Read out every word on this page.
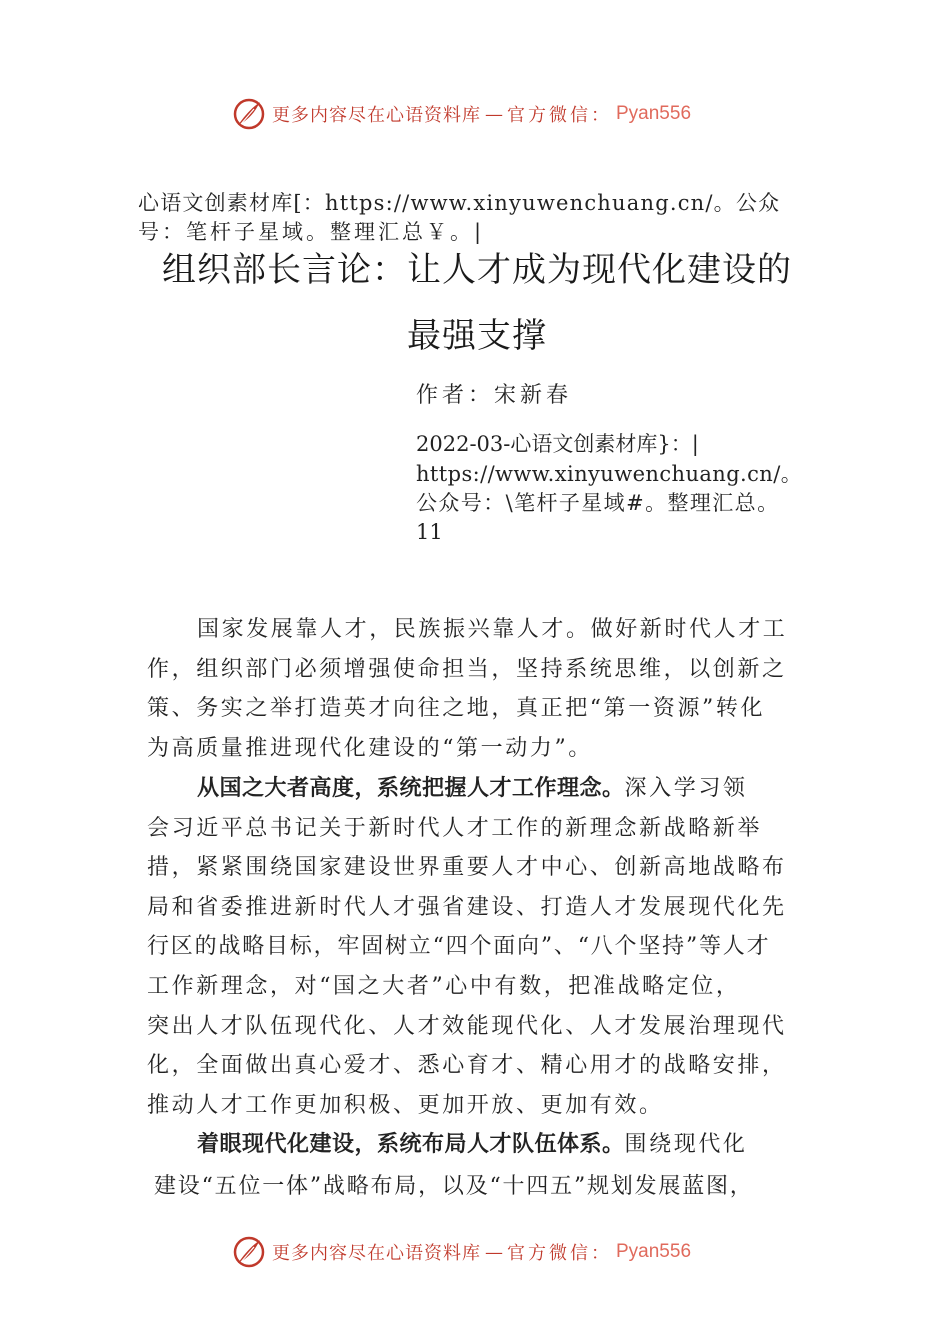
更多内容尽在心语资料库 — 官方微信： Pyan556
心语文创素材库[：https://www.xinyuwenchuang.cn/。公众
号：笔杆子星域。整理汇总￥。|
组织部长言论：让人才成为现代化建设的
最强支撑
作者：宋新春
2022-03-心语文创素材库}：|
https://www.xinyuwenchuang.cn/。
公众号：\笔杆子星域#。整理汇总。
11
国家发展靠人才，民族振兴靠人才。做好新时代人才工
作，组织部门必须增强使命担当，坚持系统思维，以创新之
策、务实之举打造英才向往之地，真正把“第一资源”转化
为高质量推进现代化建设的“第一动力”。
从国之大者高度，系统把握人才工作理念。深入学习领
会习近平总书记关于新时代人才工作的新理念新战略新举
措，紧紧围绕国家建设世界重要人才中心、创新高地战略布
局和省委推进新时代人才强省建设、打造人才发展现代化先
行区的战略目标，牢固树立“四个面向”、“八个坚持”等人才
工作新理念，对“国之大者”心中有数，把准战略定位，
突出人才队伍现代化、人才效能现代化、人才发展治理现代
化，全面做出真心爱才、悉心育才、精心用才的战略安排，
推动人才工作更加积极、更加开放、更加有效。
着眼现代化建设，系统布局人才队伍体系。围绕现代化
建设“五位一体”战略布局，以及“十四五”规划发展蓝图，
更多内容尽在心语资料库 — 官方微信： Pyan556
